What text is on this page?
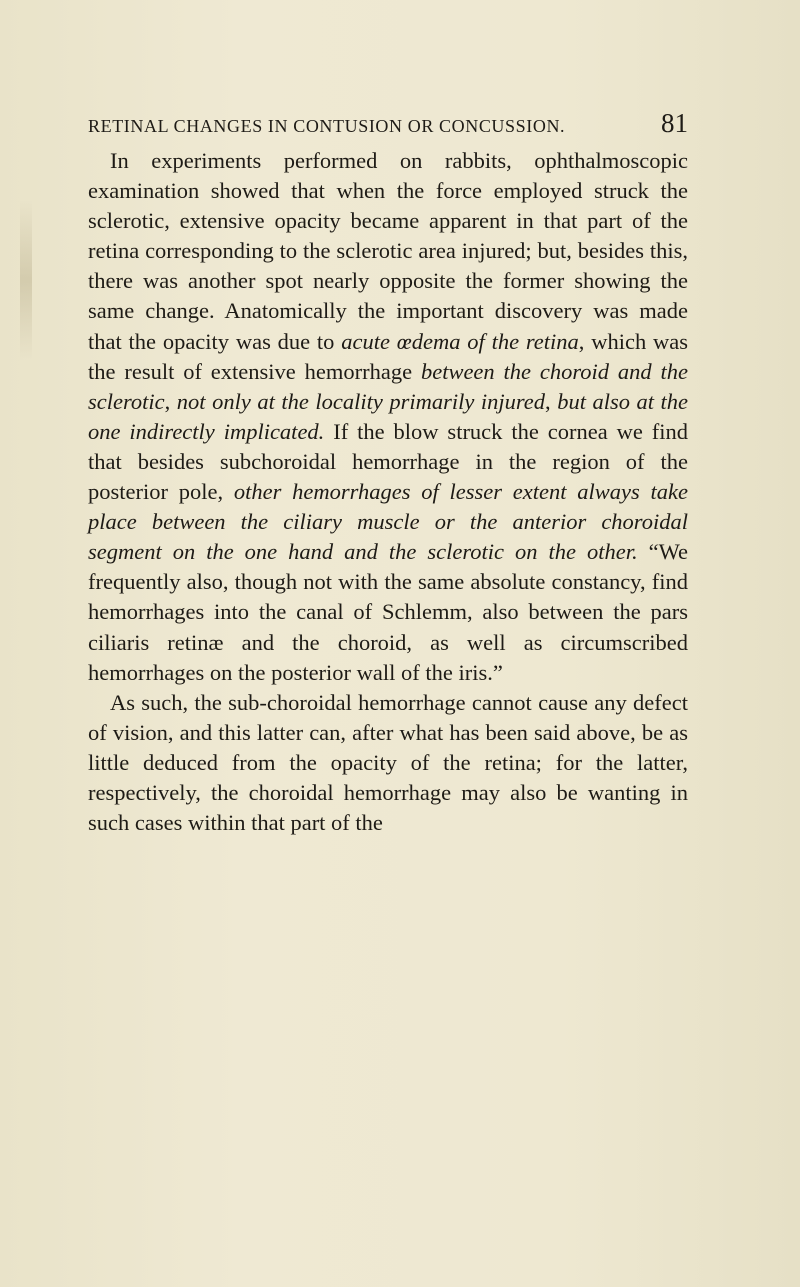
RETINAL CHANGES IN CONTUSION OR CONCUSSION.	81

In experiments performed on rabbits, ophthalmoscopic examination showed that when the force employed struck the sclerotic, extensive opacity became apparent in that part of the retina corresponding to the sclerotic area injured; but, besides this, there was another spot nearly opposite the former showing the same change. Anatomically the important discovery was made that the opacity was due to acute œdema of the retina, which was the result of extensive hemorrhage between the choroid and the sclerotic, not only at the locality primarily injured, but also at the one indirectly implicated. If the blow struck the cornea we find that besides subchoroidal hemorrhage in the region of the posterior pole, other hemorrhages of lesser extent always take place between the ciliary muscle or the anterior choroidal segment on the one hand and the sclerotic on the other. “We frequently also, though not with the same absolute constancy, find hemorrhages into the canal of Schlemm, also between the pars ciliaris retinæ and the choroid, as well as circumscribed hemorrhages on the posterior wall of the iris.”

As such, the sub-choroidal hemorrhage cannot cause any defect of vision, and this latter can, after what has been said above, be as little deduced from the opacity of the retina; for the latter, respectively, the choroidal hemorrhage may also be wanting in such cases within that part of the
